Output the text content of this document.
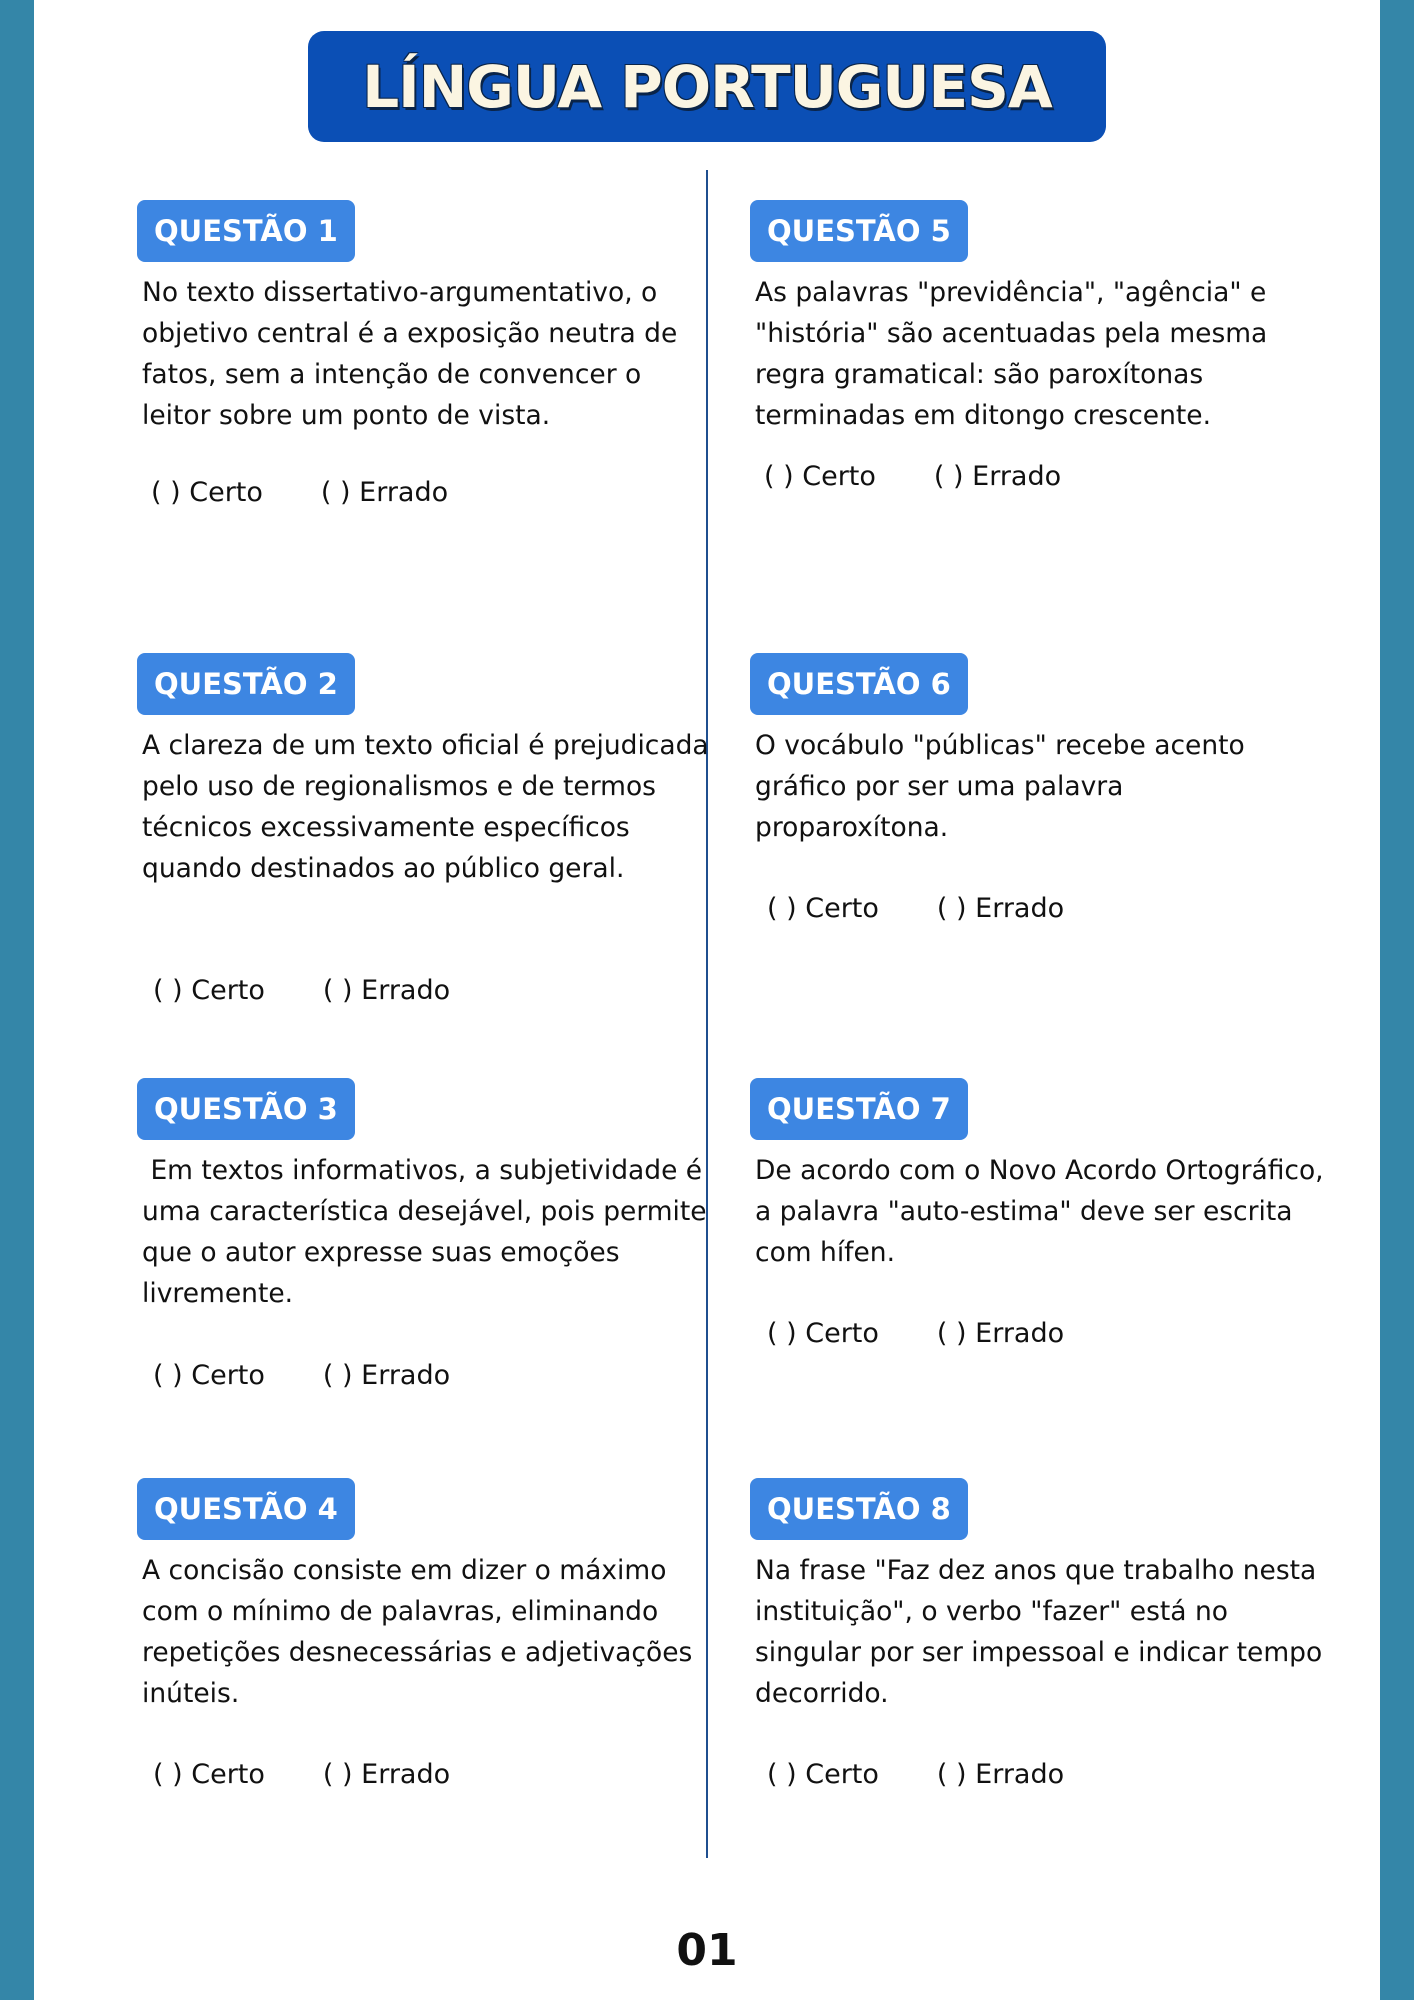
LÍNGUA PORTUGUESA
QUESTÃO 1

No texto dissertativo-argumentativo, o objetivo central é a exposição neutra de fatos, sem a intenção de convencer o leitor sobre um ponto de vista.

( ) Certo ( ) Errado
QUESTÃO 2

A clareza de um texto oficial é prejudicada pelo uso de regionalismos e de termos técnicos excessivamente específicos quando destinados ao público geral.

( ) Certo ( ) Errado
QUESTÃO 3

Em textos informativos, a subjetividade é uma característica desejável, pois permite que o autor expresse suas emoções livremente.

( ) Certo ( ) Errado
QUESTÃO 4

A concisão consiste em dizer o máximo com o mínimo de palavras, eliminando repetições desnecessárias e adjetivações inúteis.

( ) Certo ( ) Errado
QUESTÃO 5

As palavras "previdência", "agência" e "história" são acentuadas pela mesma regra gramatical: são paroxítonas terminadas em ditongo crescente.

( ) Certo ( ) Errado
QUESTÃO 6

O vocábulo "públicas" recebe acento gráfico por ser uma palavra proparoxítona.

( ) Certo ( ) Errado
QUESTÃO 7

De acordo com o Novo Acordo Ortográfico, a palavra "auto-estima" deve ser escrita com hífen.

( ) Certo ( ) Errado
QUESTÃO 8

Na frase "Faz dez anos que trabalho nesta instituição", o verbo "fazer" está no singular por ser impessoal e indicar tempo decorrido.

( ) Certo ( ) Errado
01
